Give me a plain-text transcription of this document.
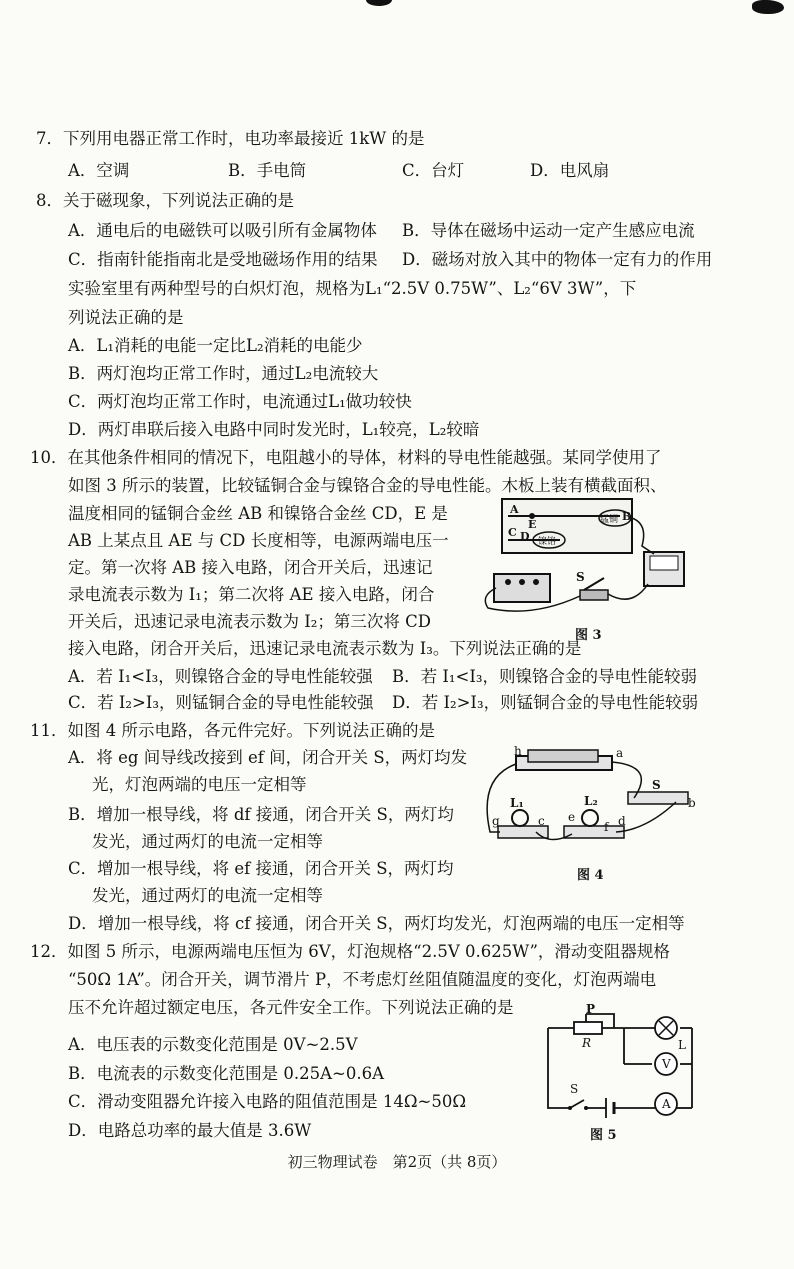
7．下列用电器正常工作时，电功率最接近 1kW 的是
A．空调	B．手电筒	C．台灯	D．电风扇
8．关于磁现象，下列说法正确的是
A．通电后的电磁铁可以吸引所有金属物体 B．导体在磁场中运动一定产生感应电流
C．指南针能指南北是受地磁场作用的结果 D．磁场对放入其中的物体一定有力的作用
实验室里有两种型号的白炽灯泡，规格为L₁“2.5V 0.75W”、L₂“6V 3W”，下
列说法正确的是
A．L₁消耗的电能一定比L₂消耗的电能少
B．两灯泡均正常工作时，通过L₂电流较大
C．两灯泡均正常工作时，电流通过L₁做功较快
D．两灯串联后接入电路中同时发光时，L₁较亮，L₂较暗
10．在其他条件相同的情况下，电阻越小的导体，材料的导电性能越强。某同学使用了
如图 3 所示的装置，比较锰铜合金与镍铬合金的导电性能。木板上装有横截面积、
温度相同的锰铜合金丝 AB 和镍铬合金丝 CD，E 是
AB 上某点且 AE 与 CD 长度相等，电源两端电压一
定。第一次将 AB 接入电路，闭合开关后，迅速记
录电流表示数为 I₁；第二次将 AE 接入电路，闭合
开关后，迅速记录电流表示数为 I₂；第三次将 CD
接入电路，闭合开关后，迅速记录电流表示数为 I₃。下列说法正确的是
A．若 I₁<I₃，则镍铬合金的导电性能较强 B．若 I₁<I₃，则镍铬合金的导电性能较弱
C．若 I₂>I₃，则锰铜合金的导电性能较强 D．若 I₂>I₃，则锰铜合金的导电性能较弱
A
E
C D
B
锰铜
镍铬
S
图 3
11．如图 4 所示电路，各元件完好。下列说法正确的是
A．将 eg 间导线改接到 ef 间，闭合开关 S，两灯均发
光，灯泡两端的电压一定相等
B．增加一根导线，将 df 接通，闭合开关 S，两灯均
发光，通过两灯的电流一定相等
C．增加一根导线，将 ef 接通，闭合开关 S，两灯均
发光，通过两灯的电流一定相等
D．增加一根导线，将 cf 接通，闭合开关 S，两灯均发光，灯泡两端的电压一定相等
h	a
S
b
L₁	L₂
c	d
e
f
g
图 4
12．如图 5 所示，电源两端电压恒为 6V，灯泡规格“2.5V 0.625W”，滑动变阻器规格
“50Ω 1A”。闭合开关，调节滑片 P，不考虑灯丝阻值随温度的变化，灯泡两端电
压不允许超过额定电压，各元件安全工作。下列说法正确的是
A．电压表的示数变化范围是 0V~2.5V
B．电流表的示数变化范围是 0.25A~0.6A
C．滑动变阻器允许接入电路的阻值范围是 14Ω~50Ω
D．电路总功率的最大值是 3.6W
P
R	L
V
A
S
图 5
初三物理试卷　第2页（共 8页）
